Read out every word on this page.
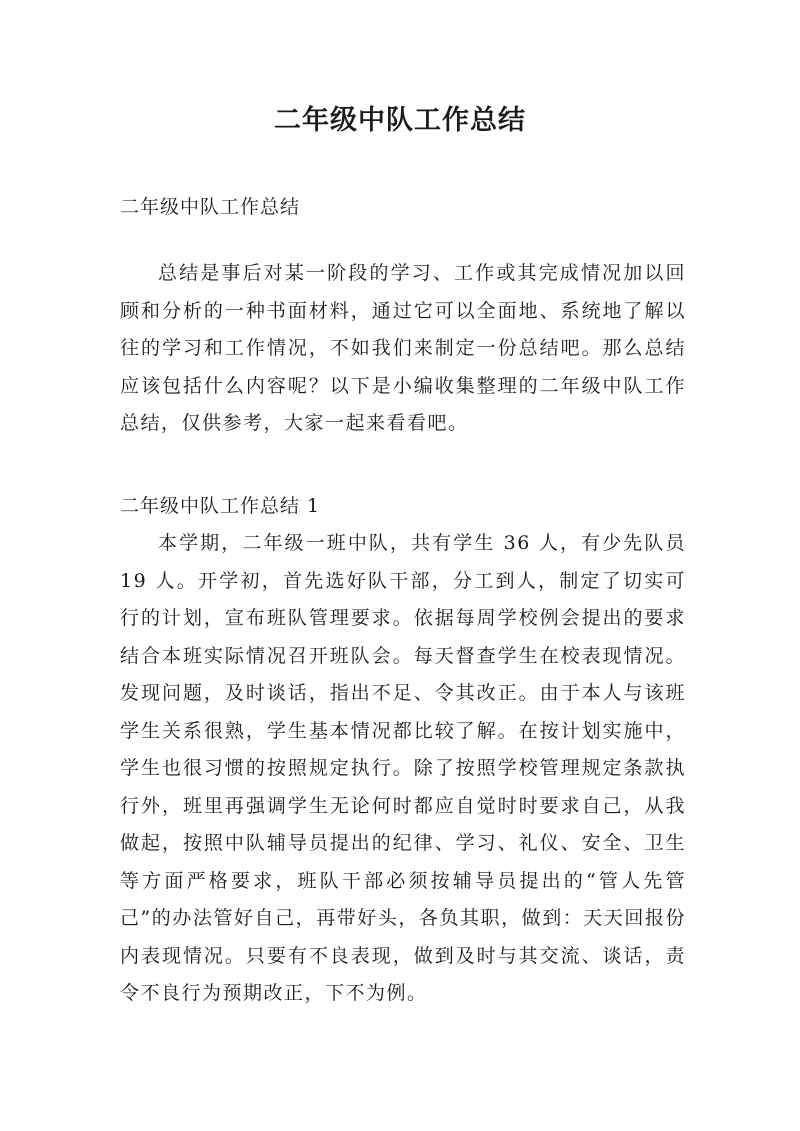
二年级中队工作总结

二年级中队工作总结

总结是事后对某一阶段的学习、工作或其完成情况加以回顾和分析的一种书面材料，通过它可以全面地、系统地了解以往的学习和工作情况，不如我们来制定一份总结吧。那么总结应该包括什么内容呢？以下是小编收集整理的二年级中队工作总结，仅供参考，大家一起来看看吧。

二年级中队工作总结 1

本学期，二年级一班中队，共有学生 36 人，有少先队员 19 人。开学初，首先选好队干部，分工到人，制定了切实可行的计划，宣布班队管理要求。依据每周学校例会提出的要求结合本班实际情况召开班队会。每天督查学生在校表现情况。发现问题，及时谈话，指出不足、令其改正。由于本人与该班学生关系很熟，学生基本情况都比较了解。在按计划实施中，学生也很习惯的按照规定执行。除了按照学校管理规定条款执行外，班里再强调学生无论何时都应自觉时时要求自己，从我做起，按照中队辅导员提出的纪律、学习、礼仪、安全、卫生等方面严格要求，班队干部必须按辅导员提出的“管人先管己”的办法管好自己，再带好头，各负其职，做到：天天回报份内表现情况。只要有不良表现，做到及时与其交流、谈话，责令不良行为预期改正，下不为例。
